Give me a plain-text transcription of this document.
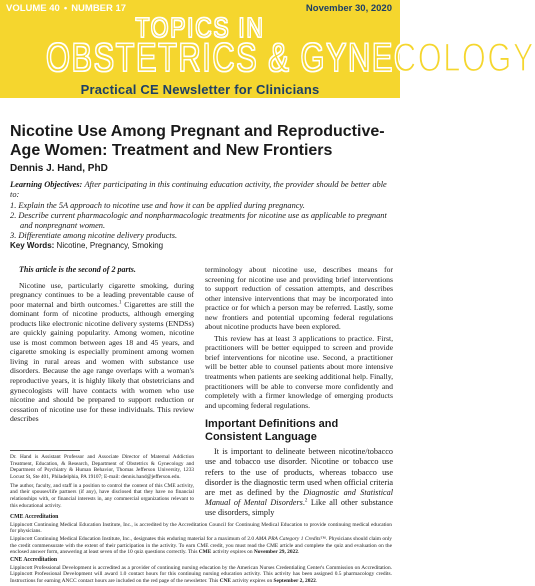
VOLUME 40 • NUMBER 17	November 30, 2020
TOPICS IN
OBSTETRICS & GYNECOLOGY
Practical CE Newsletter for Clinicians
Nicotine Use Among Pregnant and Reproductive-Age Women: Treatment and New Frontiers
Dennis J. Hand, PhD

Learning Objectives: After participating in this continuing education activity, the provider should be better able to:

1. Explain the 5A approach to nicotine use and how it can be applied during pregnancy.

2. Describe current pharmacologic and nonpharmacologic treatments for nicotine use as applicable to pregnant and nonpregnant women.

3. Differentiate among nicotine delivery products.

Key Words: Nicotine, Pregnancy, Smoking

This article is the second of 2 parts.

Nicotine use, particularly cigarette smoking, during pregnancy continues to be a leading preventable cause of poor maternal and birth outcomes.$^1$ Cigarettes are still the dominant form of nicotine products, although emerging products like electronic nicotine delivery systems (ENDSs) are quickly gaining popularity. Among women, nicotine use is most common between ages 18 and 45 years, and cigarette smoking is especially prominent among women living in rural areas and women with substance use disorders. Because the age range overlaps with a woman's reproductive years, it is highly likely that obstetricians and gynecologists will have contacts with women who use nicotine and should be prepared to support reduction or cessation of nicotine use for these individuals. This review describes

Dr. Hand is Assistant Professor and Associate Director of Maternal Addiction Treatment, Education, & Research, Department of Obstetrics & Gynecology and Department of Psychiatry & Human Behavior, Thomas Jefferson University, 1233 Locust St, Ste 401, Philadelphia, PA 19107; E-mail: dennis.hand@jefferson.edu.

The author, faculty, and staff in a position to control the content of this CME activity, and their spouses/life partners (if any), have disclosed that they have no financial relationships with, or financial interests in, any commercial organizations relevant to this educational activity.

terminology about nicotine use, describes means for screening for nicotine use and providing brief interventions to support reduction of cessation attempts, and describes other intensive interventions that may be incorporated into practice or for which a person may be referred. Lastly, some new frontiers and potential upcoming federal regulations about nicotine products have been explored.

This review has at least 3 applications to practice. First, practitioners will be better equipped to screen and provide brief interventions for nicotine use. Second, a practitioner will be better able to counsel patients about more intensive treatments when patients are seeking additional help. Finally, practitioners will be able to converse more confidently and completely with a firmer knowledge of emerging products and upcoming federal regulations.

Important Definitions and Consistent Language

It is important to delineate between nicotine/tobacco use and tobacco use disorder. Nicotine or tobacco use refers to the use of products, whereas tobacco use disorder is the diagnostic term used when official criteria are met as defined by the Diagnostic and Statistical Manual of Mental Disorders.$^2$ Like all other substance use disorders, simply

CME Accreditation

Lippincott Continuing Medical Education Institute, Inc., is accredited by the Accreditation Council for Continuing Medical Education to provide continuing medical education for physicians.

Lippincott Continuing Medical Education Institute, Inc., designates this enduring material for a maximum of 2.0 AMA PRA Category 1 Credits™. Physicians should claim only the credit commensurate with the extent of their participation in the activity. To earn CME credit, you must read the CME article and complete the quiz and evaluation on the enclosed answer form, answering at least seven of the 10 quiz questions correctly. This CME activity expires on November 29, 2022.

CNE Accreditation

Lippincott Professional Development is accredited as a provider of continuing nursing education by the American Nurses Credentialing Center's Commission on Accreditation. Lippincott Professional Development will award 1.0 contact hours for this continuing nursing education activity. This activity has been assigned 0.5 pharmacology credits. Instructions for earning ANCC contact hours are included on the red page of the newsletter. This CNE activity expires on September 2, 2022.
